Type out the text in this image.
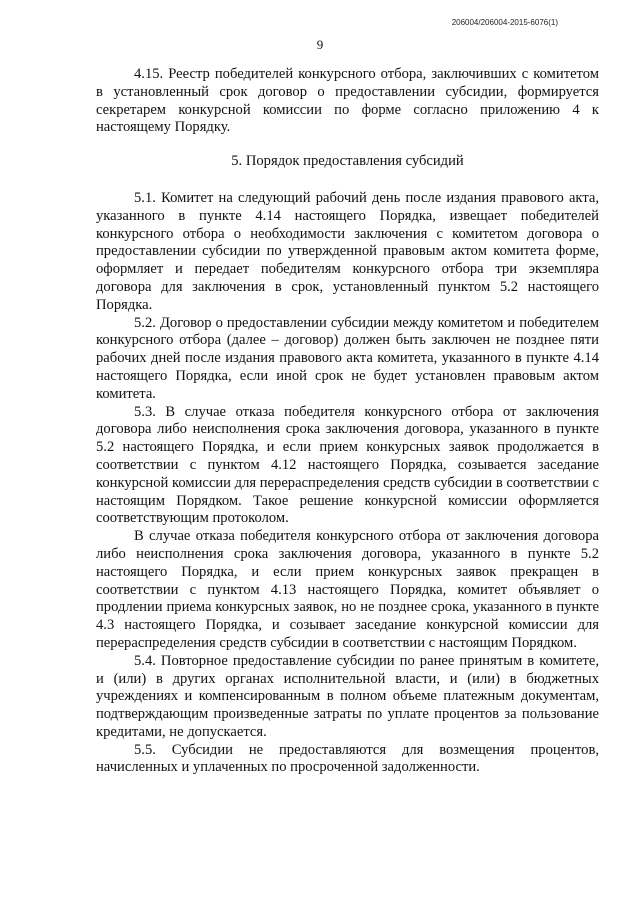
206004/206004-2015-6076(1)
9

4.15. Реестр победителей конкурсного отбора, заключивших с комитетом в установленный срок договор о предоставлении субсидии, формируется секретарем конкурсной комиссии по форме согласно приложению 4 к настоящему Порядку.

5. Порядок предоставления субсидий

5.1. Комитет на следующий рабочий день после издания правового акта, указанного в пункте 4.14 настоящего Порядка, извещает победителей конкурсного отбора о необходимости заключения с комитетом договора о предоставлении субсидии по утвержденной правовым актом комитета форме, оформляет и передает победителям конкурсного отбора три экземпляра договора для заключения в срок, установленный пунктом 5.2 настоящего Порядка.

5.2. Договор о предоставлении субсидии между комитетом и победителем конкурсного отбора (далее – договор) должен быть заключен не позднее пяти рабочих дней после издания правового акта комитета, указанного в пункте 4.14 настоящего Порядка, если иной срок не будет установлен правовым актом комитета.

5.3. В случае отказа победителя конкурсного отбора от заключения договора либо неисполнения срока заключения договора, указанного в пункте 5.2 настоящего Порядка, и если прием конкурсных заявок продолжается в соответствии с пунктом 4.12 настоящего Порядка, созывается заседание конкурсной комиссии для перераспределения средств субсидии в соответствии с настоящим Порядком. Такое решение конкурсной комиссии оформляется соответствующим протоколом.

В случае отказа победителя конкурсного отбора от заключения договора либо неисполнения срока заключения договора, указанного в пункте 5.2 настоящего Порядка, и если прием конкурсных заявок прекращен в соответствии с пунктом 4.13 настоящего Порядка, комитет объявляет о продлении приема конкурсных заявок, но не позднее срока, указанного в пункте 4.3 настоящего Порядка, и созывает заседание конкурсной комиссии для перераспределения средств субсидии в соответствии с настоящим Порядком.

5.4. Повторное предоставление субсидии по ранее принятым в комитете, и (или) в других органах исполнительной власти, и (или) в бюджетных учреждениях и компенсированным в полном объеме платежным документам, подтверждающим произведенные затраты по уплате процентов за пользование кредитами, не допускается.

5.5. Субсидии не предоставляются для возмещения процентов, начисленных и уплаченных по просроченной задолженности.
